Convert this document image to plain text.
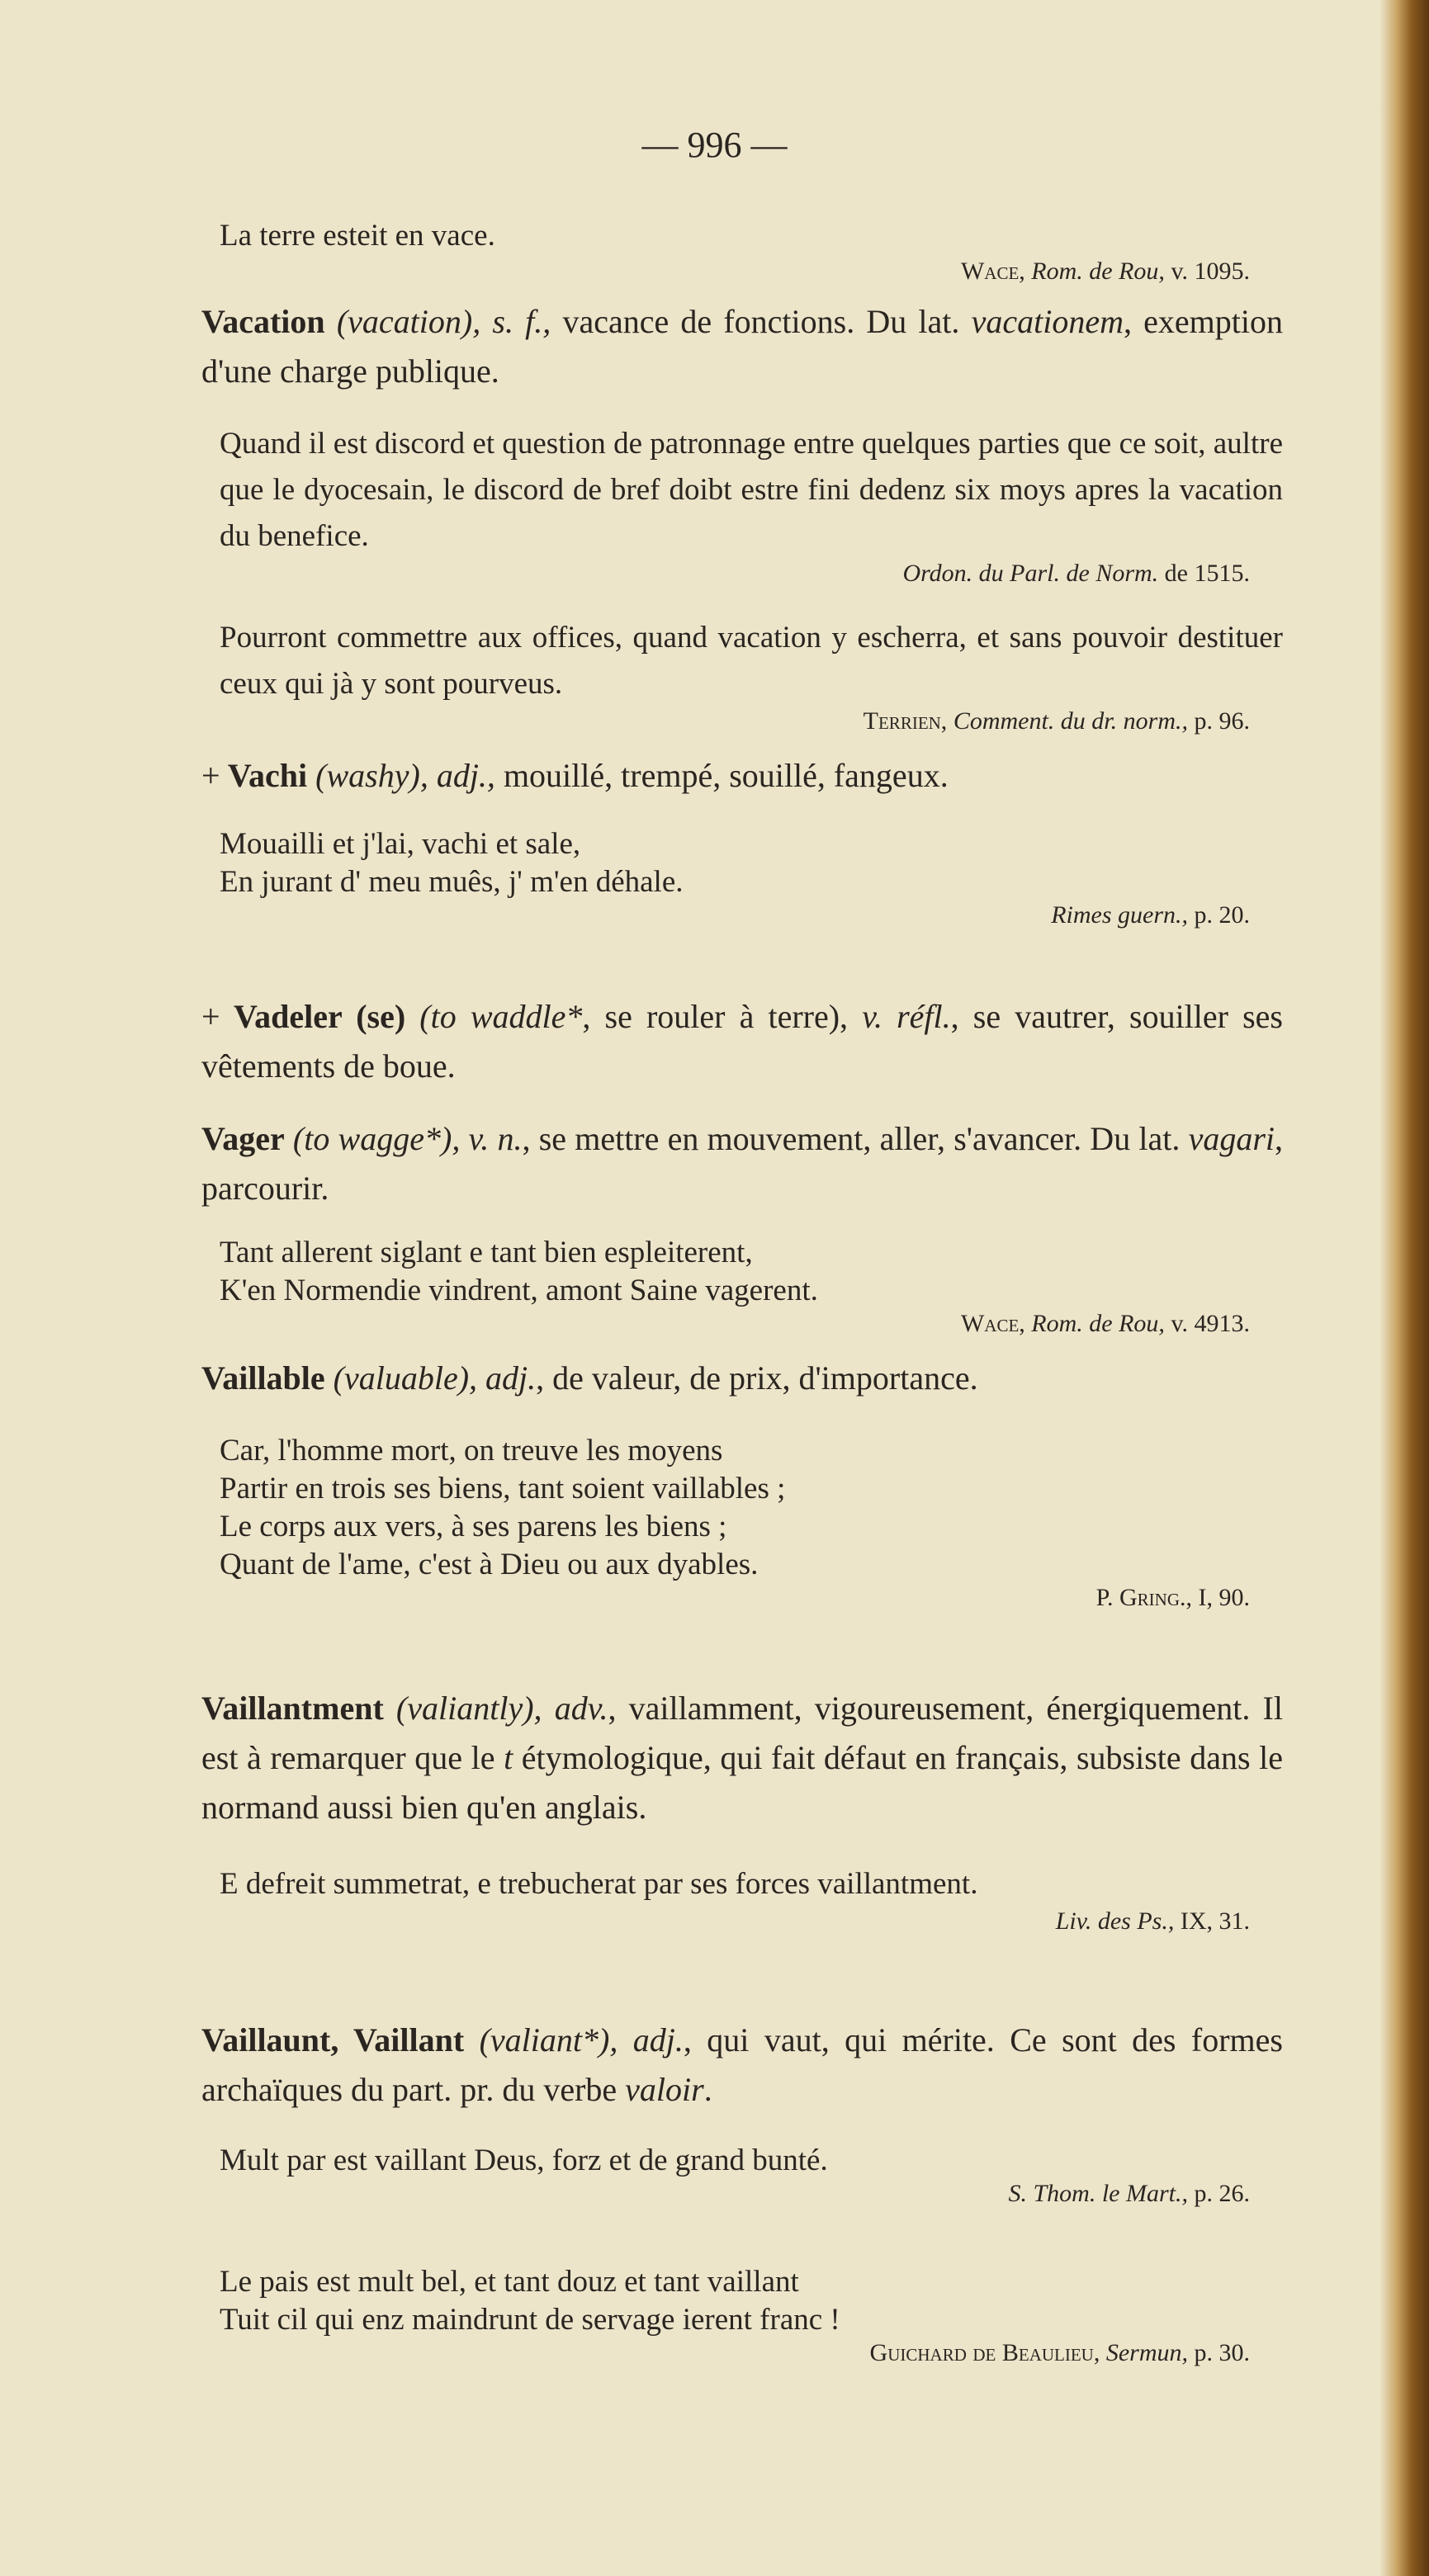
— 996 —
La terre esteit en vace.
Wace, Rom. de Rou, v. 1095.
Vacation (vacation), s. f., vacance de fonctions. Du lat. vacationem, exemption d'une charge publique.
Quand il est discord et question de patronnage entre quelques parties que ce soit, aultre que le dyocesain, le discord de bref doibt estre fini dedenz six moys apres la vacation du benefice.
Ordon. du Parl. de Norm. de 1515.
Pourront commettre aux offices, quand vacation y escherra, et sans pouvoir destituer ceux qui jà y sont pourveus.
Terrien, Comment. du dr. norm., p. 96.
+ Vachi (washy), adj., mouillé, trempé, souillé, fangeux.
Mouailli et j'lai, vachi et sale,
En jurant d' meu muês, j' m'en déhale.
Rimes guern., p. 20.
+ Vadeler (se) (to waddle*, se rouler à terre), v. réfl., se vautrer, souiller ses vêtements de boue.
Vager (to wagge*), v. n., se mettre en mouvement, aller, s'avancer. Du lat. vagari, parcourir.
Tant allerent siglant e tant bien espleiterent,
K'en Normendie vindrent, amont Saine vagerent.
Wace, Rom. de Rou, v. 4913.
Vaillable (valuable), adj., de valeur, de prix, d'importance.
Car, l'homme mort, on treuve les moyens
Partir en trois ses biens, tant soient vaillables ;
Le corps aux vers, à ses parens les biens ;
Quant de l'ame, c'est à Dieu ou aux dyables.
P. Gring., I, 90.
Vaillantment (valiantly), adv., vaillamment, vigoureusement, énergiquement. Il est à remarquer que le t étymologique, qui fait défaut en français, subsiste dans le normand aussi bien qu'en anglais.
E defreit summetrat, e trebucherat par ses forces vaillantment.
Liv. des Ps., IX, 31.
Vaillaunt, Vaillant (valiant*), adj., qui vaut, qui mérite. Ce sont des formes archaïques du part. pr. du verbe valoir.
Mult par est vaillant Deus, forz et de grand bunté.
S. Thom. le Mart., p. 26.
Le pais est mult bel, et tant douz et tant vaillant
Tuit cil qui enz maindrunt de servage ierent franc !
Guichard de Beaulieu, Sermun, p. 30.
